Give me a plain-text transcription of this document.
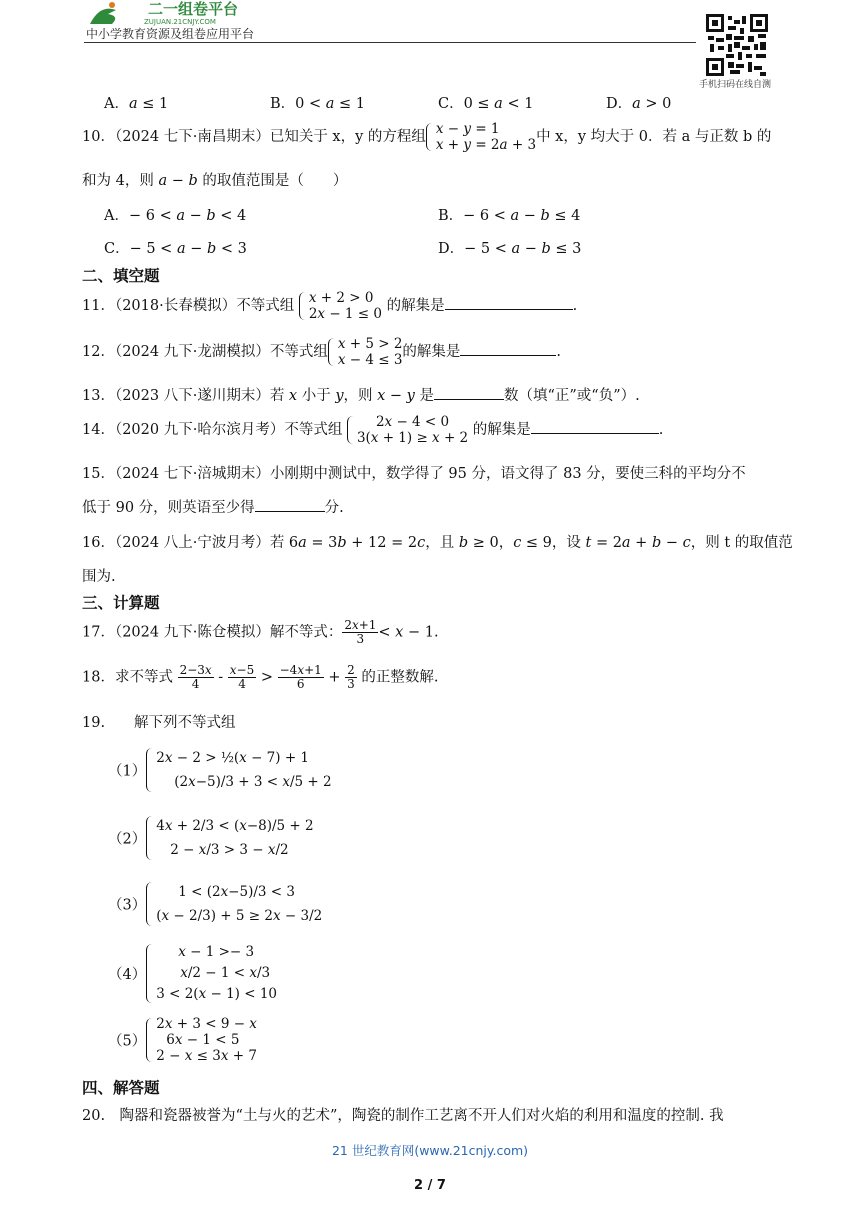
二一组卷平台
ZUJUAN.21CNJY.COM
中小学教育资源及组卷应用平台
手机扫码在线自测
A．𝑎 ≤ 1	B．0 < 𝑎 ≤ 1	C．0 ≤ 𝑎 < 1	D．𝑎 > 0
10．（2024 七下·南昌期末）已知关于 x，y 的方程组 𝑥 − 𝑦 = 1
𝑥 + 𝑦 = 2𝑎 + 3 中 x，y 均大于 0．若 a 与正数 b 的
和为 4，则 𝑎 − 𝑏 的取值范围是（　　）
A．− 6 < 𝑎 − 𝑏 < 4	B．− 6 < 𝑎 − 𝑏 ≤ 4
C．− 5 < 𝑎 − 𝑏 < 3	D．− 5 < 𝑎 − 𝑏 ≤ 3
二、填空题
11．（2018·长春模拟）不等式组 𝑥 + 2 > 0
2𝑥 − 1 ≤ 0 的解集是	.
12．（2024 九下·龙湖模拟）不等式组 𝑥 + 5 > 2
𝑥 − 4 ≤ 3 的解集是	.
13．（2023 八下·遂川期末）若 𝑥 小于 𝑦，则 𝑥 − 𝑦 是	数（填“正”或“负”）.
14．（2020 九下·哈尔滨月考）不等式组	2𝑥 − 4 < 0
3(𝑥 + 1) ≥ 𝑥 + 2 的解集是	.
15．（2024 七下·涪城期末）小刚期中测试中，数学得了 95 分，语文得了 83 分，要使三科的平均分不
低于 90 分，则英语至少得	分.
16．（2024 八上·宁波月考）若 6𝑎 = 3𝑏 + 12 = 2𝑐，且 𝑏 ≥ 0，𝑐 ≤ 9，设 𝑡 = 2𝑎 + 𝑏 − 𝑐，则 t 的取值范
围为.
三、计算题
17．（2024 九下·陈仓模拟）解不等式： $\frac{\text{2𝑥+1}}{3}$ < 𝑥 − 1.
18．求不等式 $\frac{\text{2−3𝑥}}{4} - \frac{\text{𝑥−5}}{4} > \frac{\text{−4𝑥+1}}{6} + \frac{2}{3}$ 的正整数解.
19.　　解下列不等式组
（1）
2𝑥 − 2 > ½(𝑥 − 7) + 1
(2𝑥−5)/3 + 3 < 𝑥/5 + 2
（2）
4𝑥 + 2/3 < (𝑥−8)/5 + 2
2 − 𝑥/3 > 3 − 𝑥/2
（3）
1 < (2𝑥−5)/3 < 3
(𝑥 − 2/3) + 5 ≥ 2𝑥 − 3/2
（4）
𝑥 − 1 >− 3
𝑥/2 − 1 < 𝑥/3
3 < 2(𝑥 − 1) < 10
（5）
2𝑥 + 3 < 9 − 𝑥
6𝑥 − 1 < 5
2 − 𝑥 ≤ 3𝑥 + 7
四、解答题
20.　陶器和瓷器被誉为“土与火的艺术”，陶瓷的制作工艺离不开人们对火焰的利用和温度的控制. 我
21 世纪教育网(www.21cnjy.com)
2 / 7
